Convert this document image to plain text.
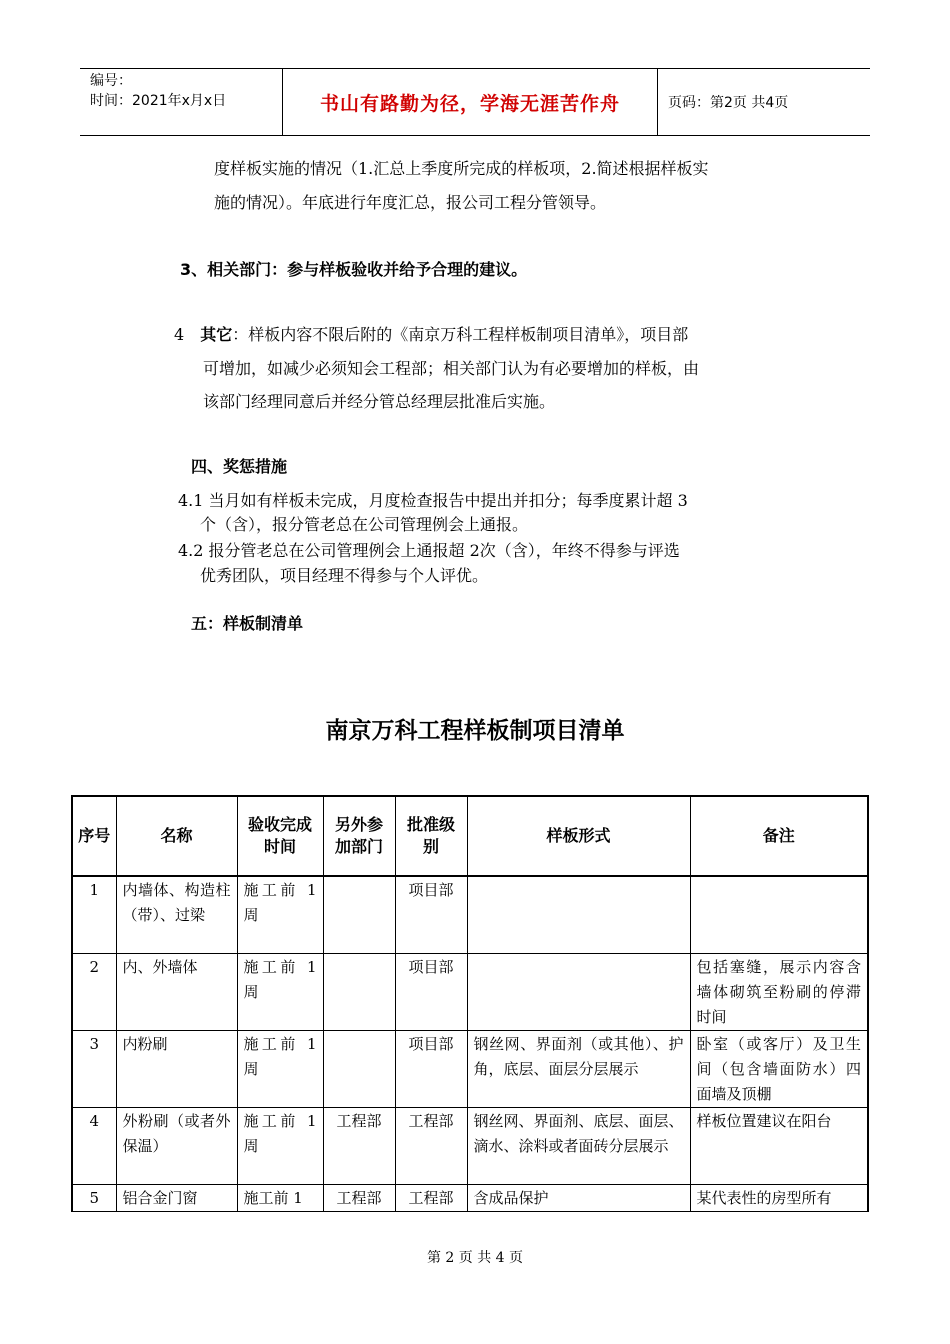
编号：
时间：2021年x月x日	书山有路勤为径，学海无涯苦作舟	页码：第2页 共4页
度样板实施的情况（1.汇总上季度所完成的样板项，2.简述根据样板实
施的情况）。年底进行年度汇总，报公司工程分管领导。
3、相关部门：参与样板验收并给予合理的建议。
4 其它：样板内容不限后附的《南京万科工程样板制项目清单》，项目部
可增加，如减少必须知会工程部；相关部门认为有必要增加的样板，由
该部门经理同意后并经分管总经理层批准后实施。
四、奖惩措施
4.1 当月如有样板未完成，月度检查报告中提出并扣分；每季度累计超 3
个（含），报分管老总在公司管理例会上通报。
4.2 报分管老总在公司管理例会上通报超 2次（含），年终不得参与评选
优秀团队，项目经理不得参与个人评优。
五：样板制清单
南京万科工程样板制项目清单
序号	名称	验收完成时间	另外参加部门	批准级别	样板形式	备注
1	内墙体、构造柱（带）、过梁	施工前 1周		项目部		
2	内、外墙体	施工前 1周		项目部		包括塞缝，展示内容含墙体砌筑至粉刷的停滞时间
3	内粉刷	施工前 1周		项目部	钢丝网、界面剂（或其他）、护角，底层、面层分层展示	卧室（或客厅）及卫生间（包含墙面防水）四面墙及顶棚
4	外粉刷（或者外保温）	施工前 1周	工程部	工程部	钢丝网、界面剂、底层、面层、滴水、涂料或者面砖分层展示	样板位置建议在阳台
5	铝合金门窗	施工前 1	工程部	工程部	含成品保护	某代表性的房型所有
第 2 页 共 4 页
